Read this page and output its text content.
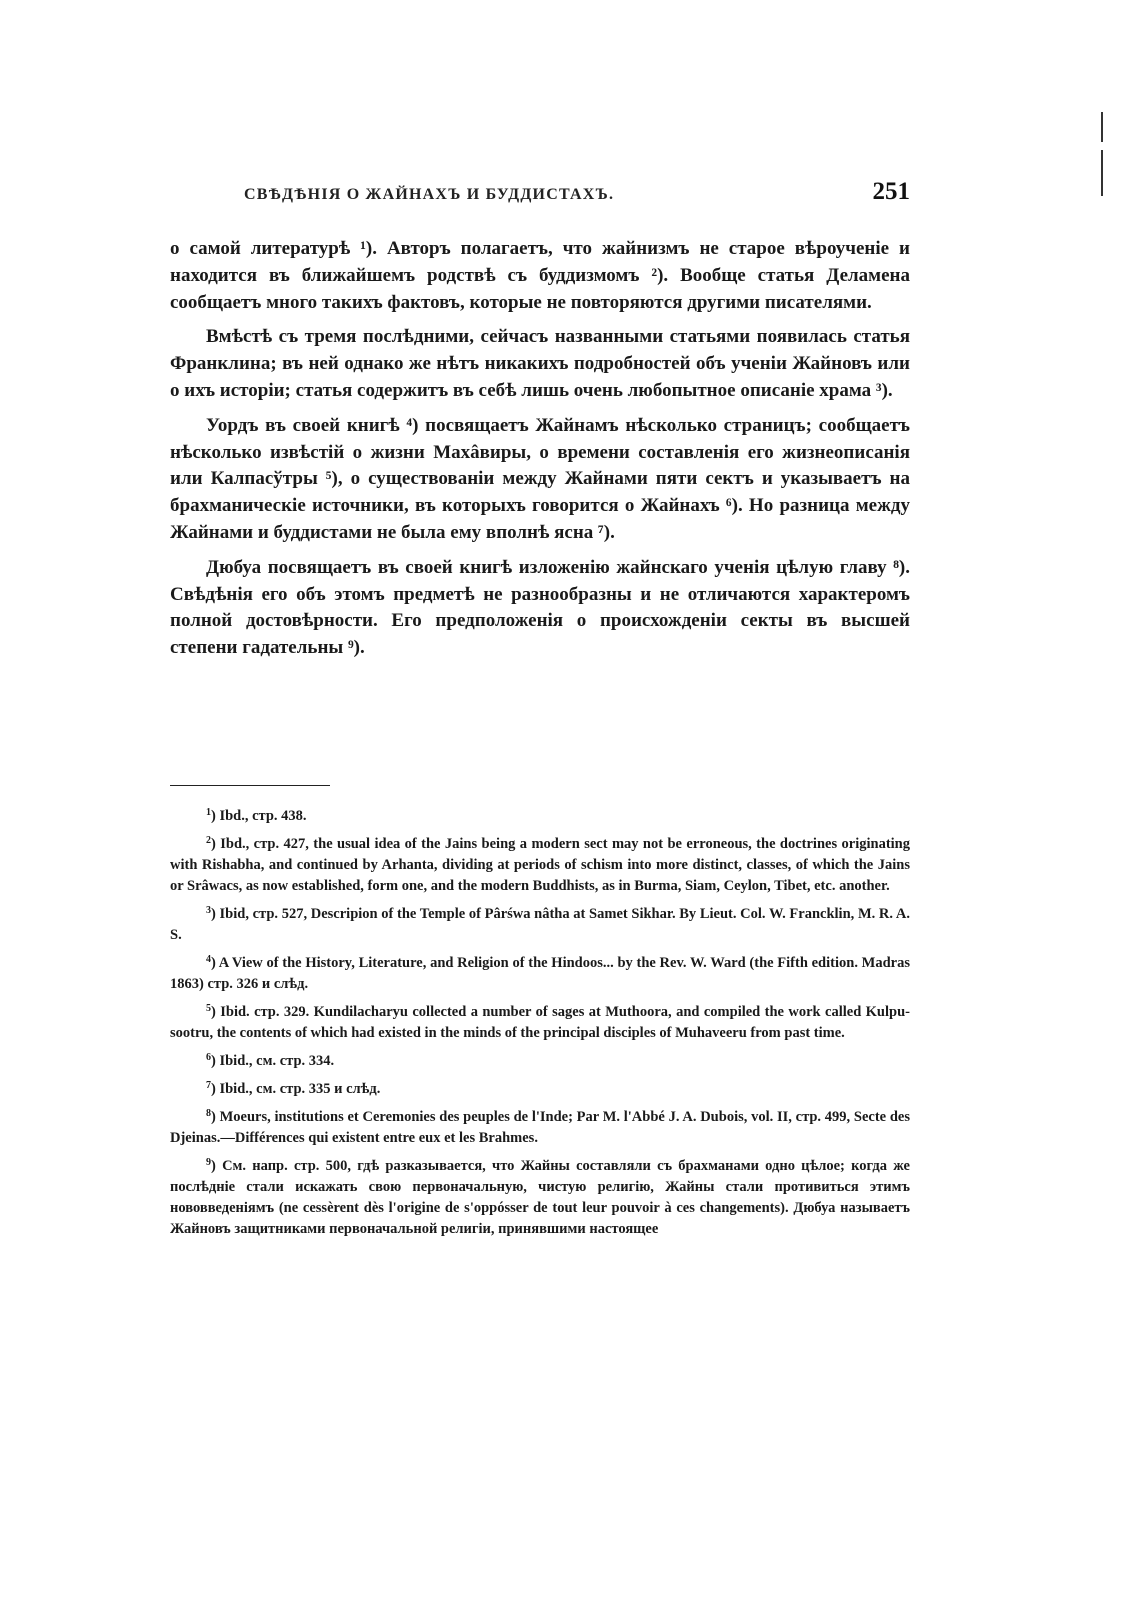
СВѢДѢНІЯ О ЖАЙНАХЪ И БУДДИСТАХЪ.	251

о самой литературѣ ¹). Авторъ полагаетъ, что жайнизмъ не старое вѣроученіе и находится въ ближайшемъ родствѣ съ буддизмомъ ²). Вообще статья Деламена сообщаетъ много такихъ фактовъ, которые не повторяются другими писателями.

Вмѣстѣ съ тремя послѣдними, сейчасъ названными статьями появилась статья Франклина; въ ней однако же нѣтъ никакихъ подробностей объ ученіи Жайновъ или о ихъ исторіи; статья содержитъ въ себѣ лишь очень любопытное описаніе храма ³).

Уордъ въ своей книгѣ ⁴) посвящаетъ Жайнамъ нѣсколько страницъ; сообщаетъ нѣсколько извѣстій о жизни Махâвиры, о времени составленія его жизнеописанія или Калпасўтры ⁵), о существованіи между Жайнами пяти сектъ и указываетъ на брахманическіе источники, въ которыхъ говорится о Жайнахъ ⁶). Но разница между Жайнами и буддистами не была ему вполнѣ ясна ⁷).

Дюбуа посвящаетъ въ своей книгѣ изложенію жайнскаго ученія цѣлую главу ⁸). Свѣдѣнія его объ этомъ предметѣ не разнообразны и не отличаются характеромъ полной достовѣрности. Его предположенія о происхожденіи секты въ высшей степени гадательны ⁹).

$^1$) Ibd., стр. 438.

$^2$) Ibd., стр. 427, the usual idea of the Jains being a modern sect may not be erroneous, the doctrines originating with Rishabha, and continued by Arhanta, dividing at periods of schism into more distinct, classes, of which the Jains or Srâwacs, as now established, form one, and the modern Buddhists, as in Burma, Siam, Ceylon, Tibet, etc. another.

$^3$) Ibid, стр. 527, Descripion of the Temple of Pârśwa nâtha at Samet Sikhar. By Lieut. Col. W. Francklin, M. R. A. S.

$^4$) A View of the History, Literature, and Religion of the Hindoos... by the Rev. W. Ward (the Fifth edition. Madras 1863) стр. 326 и слѣд.

$^5$) Ibid. стр. 329. Kundilacharyu collected a number of sages at Muthoora, and compiled the work called Kulpu-sootru, the contents of which had existed in the minds of the principal disciples of Muhaveeru from past time.

$^6$) Ibid., см. стр. 334.

$^7$) Ibid., см. стр. 335 и слѣд.

$^8$) Moeurs, institutions et Ceremonies des peuples de l'Inde; Par M. l'Abbé J. A. Dubois, vol. II, стр. 499, Secte des Djeinas.—Différences qui existent entre eux et les Brahmes.

$^9$) См. напр. стр. 500, гдѣ разказывается, что Жайны составляли съ брахманами одно цѣлое; когда же послѣдніе стали искажать свою первоначальную, чистую религію, Жайны стали противиться этимъ нововведеніямъ (ne cessèrent dès l'origine de s'oppósser de tout leur pouvoir à ces changements). Дюбуа называетъ Жайновъ защитниками первоначальной религіи, принявшими настоящее
